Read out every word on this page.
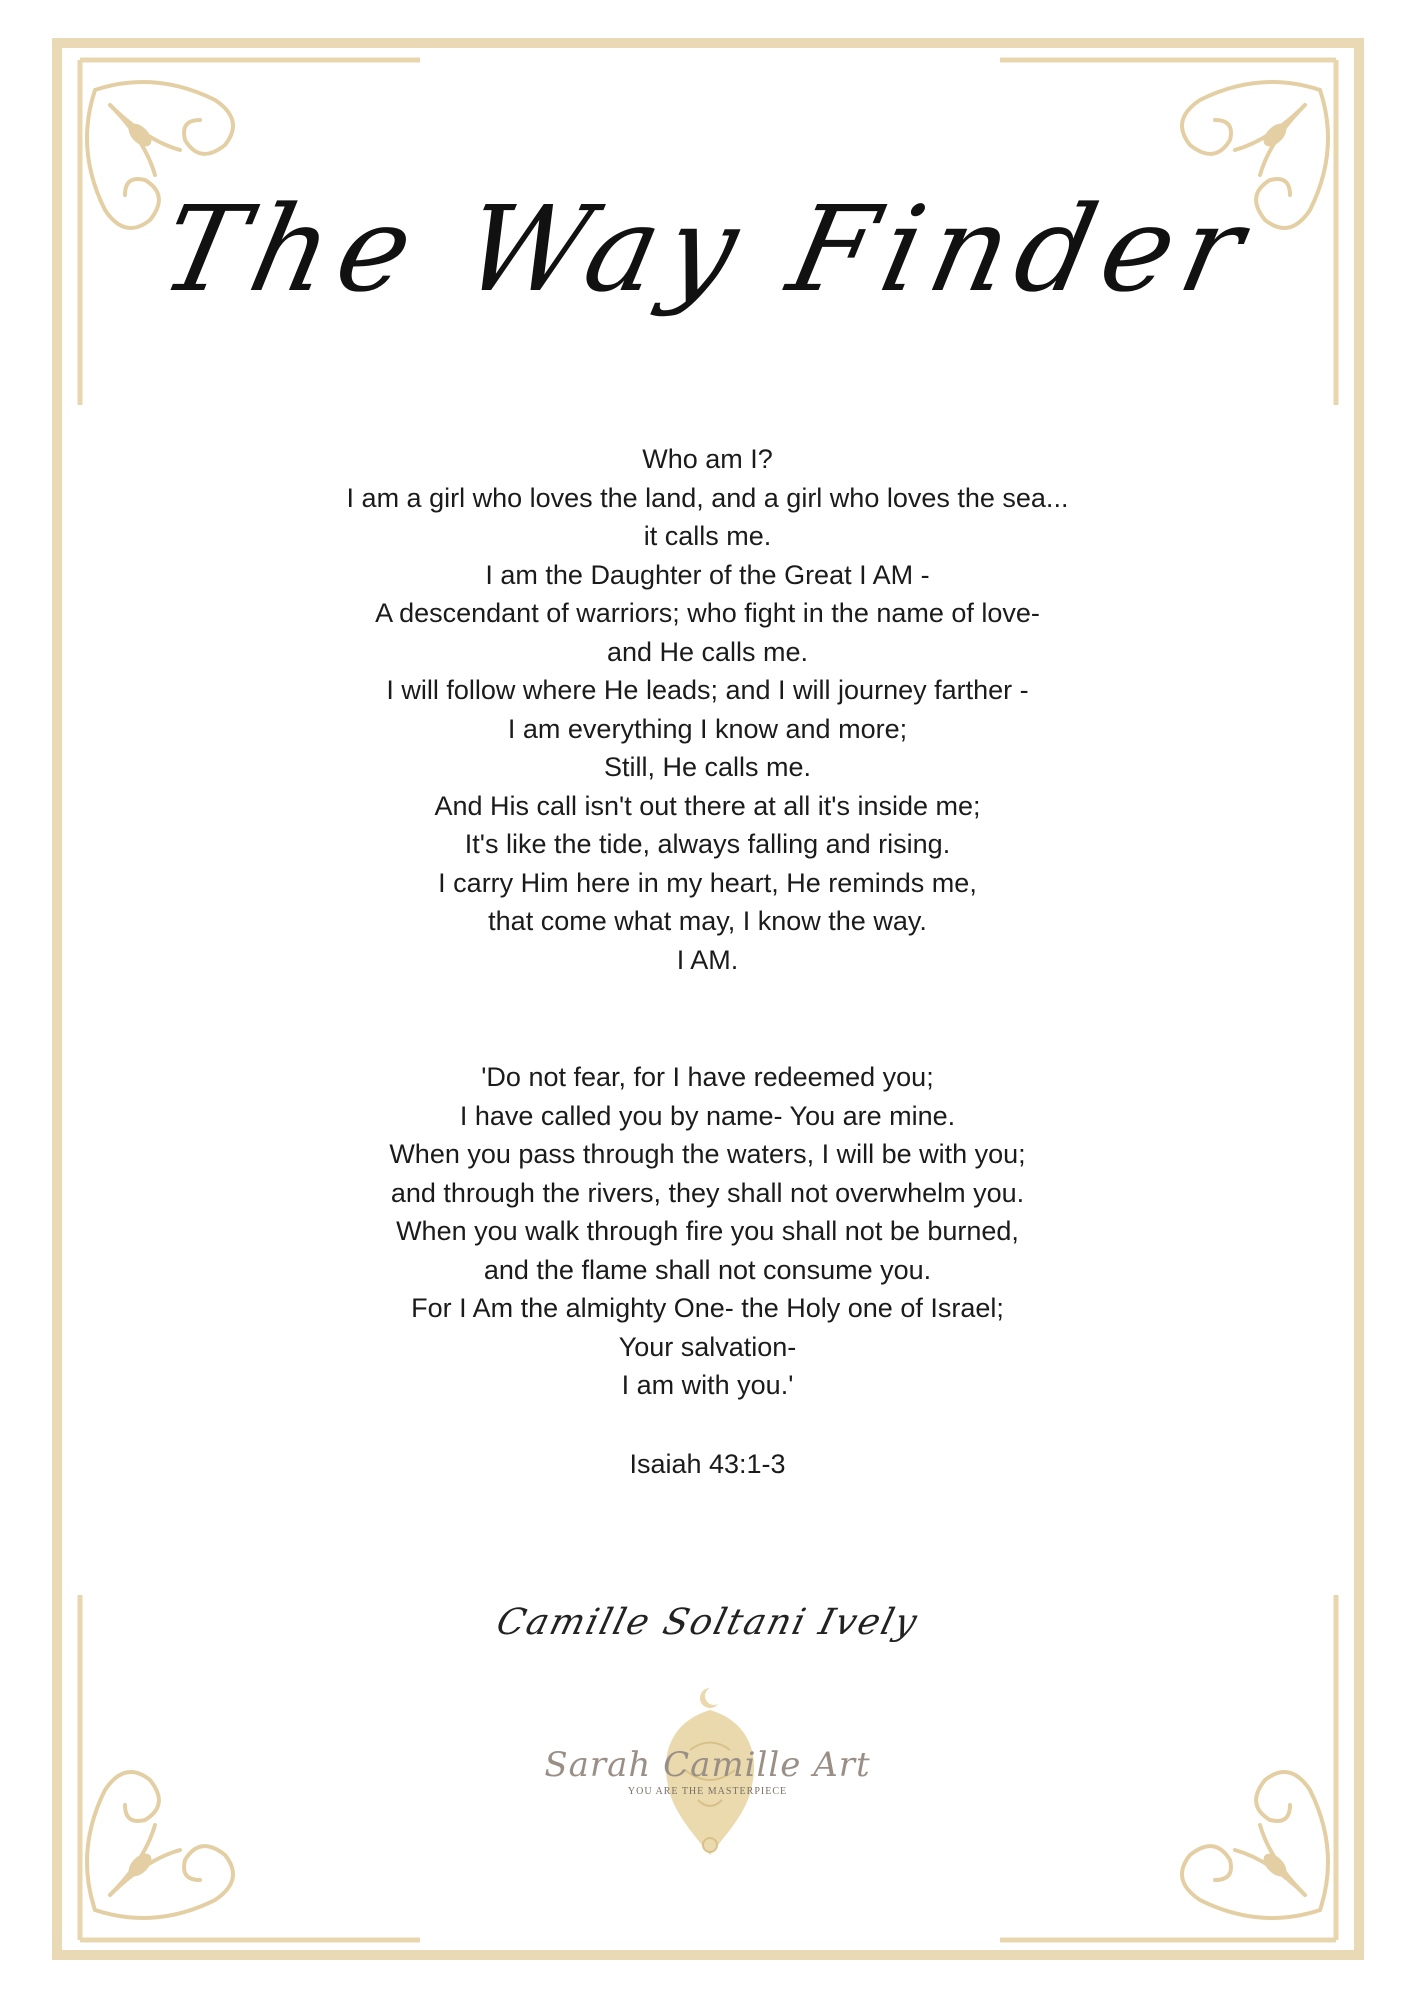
The Way Finder
Who am I?
I am a girl who loves the land, and a girl who loves the sea...
it calls me.
I am the Daughter of the Great I AM -
A descendant of warriors; who fight in the name of love-
and He calls me.
I will follow where He leads; and I will journey farther -
I am everything I know and more;
Still, He calls me.
And His call isn't out there at all it's inside me;
It's like the tide, always falling and rising.
I carry Him here in my heart, He reminds me,
that come what may, I know the way.
I AM.
'Do not fear, for I have redeemed you;
I have called you by name- You are mine.
When you pass through the waters, I will be with you;
and through the rivers, they shall not overwhelm you.
When you walk through fire you shall not be burned,
and the flame shall not consume you.
For I Am the almighty One- the Holy one of Israel;
Your salvation-
I am with you.'
Isaiah 43:1-3
Camille Soltani Ively
Sarah Camille Art
YOU ARE THE MASTERPIECE
